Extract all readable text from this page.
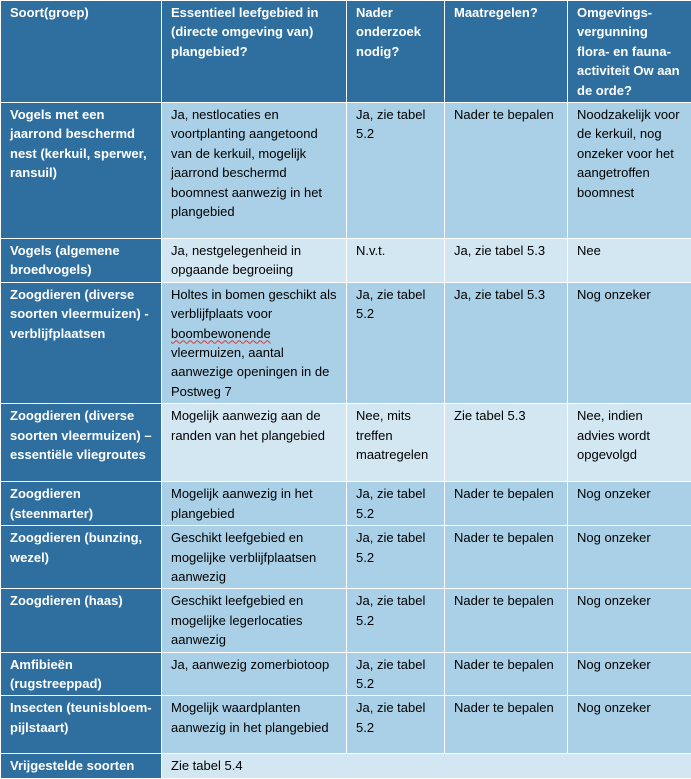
Soort(groep)	Essentieel leefgebied in (directe omgeving van) plangebied?	Nader onderzoek nodig?	Maatregelen?	Omgevings-vergunning flora- en fauna-activiteit Ow aan de orde?
Vogels met een jaarrond beschermd nest (kerkuil, sperwer, ransuil)	Ja, nestlocaties en voortplanting aangetoond van de kerkuil, mogelijk jaarrond beschermd boomnest aanwezig in het plangebied	Ja, zie tabel 5.2	Nader te bepalen	Noodzakelijk voor de kerkuil, nog onzeker voor het aangetroffen boomnest
Vogels (algemene broedvogels)	Ja, nestgelegenheid in opgaande begroeiing	N.v.t.	Ja, zie tabel 5.3	Nee
Zoogdieren (diverse soorten vleermuizen) - verblijfplaatsen	Holtes in bomen geschikt als verblijfplaats voor boombewonende vleermuizen, aantal aanwezige openingen in de Postweg 7	Ja, zie tabel 5.2	Ja, zie tabel 5.3	Nog onzeker
Zoogdieren (diverse soorten vleermuizen) – essentiële vliegroutes	Mogelijk aanwezig aan de randen van het plangebied	Nee, mits treffen maatregelen	Zie tabel 5.3	Nee, indien advies wordt opgevolgd
Zoogdieren (steenmarter)	Mogelijk aanwezig in het plangebied	Ja, zie tabel 5.2	Nader te bepalen	Nog onzeker
Zoogdieren (bunzing, wezel)	Geschikt leefgebied en mogelijke verblijfplaatsen aanwezig	Ja, zie tabel 5.2	Nader te bepalen	Nog onzeker
Zoogdieren (haas)	Geschikt leefgebied en mogelijke legerlocaties aanwezig	Ja, zie tabel 5.2	Nader te bepalen	Nog onzeker
Amfibieën (rugstreeppad)	Ja, aanwezig zomerbiotoop	Ja, zie tabel 5.2	Nader te bepalen	Nog onzeker
Insecten (teunisbloem-pijlstaart)	Mogelijk waardplanten aanwezig in het plangebied	Ja, zie tabel 5.2	Nader te bepalen	Nog onzeker
Vrijgestelde soorten	Zie tabel 5.4			
